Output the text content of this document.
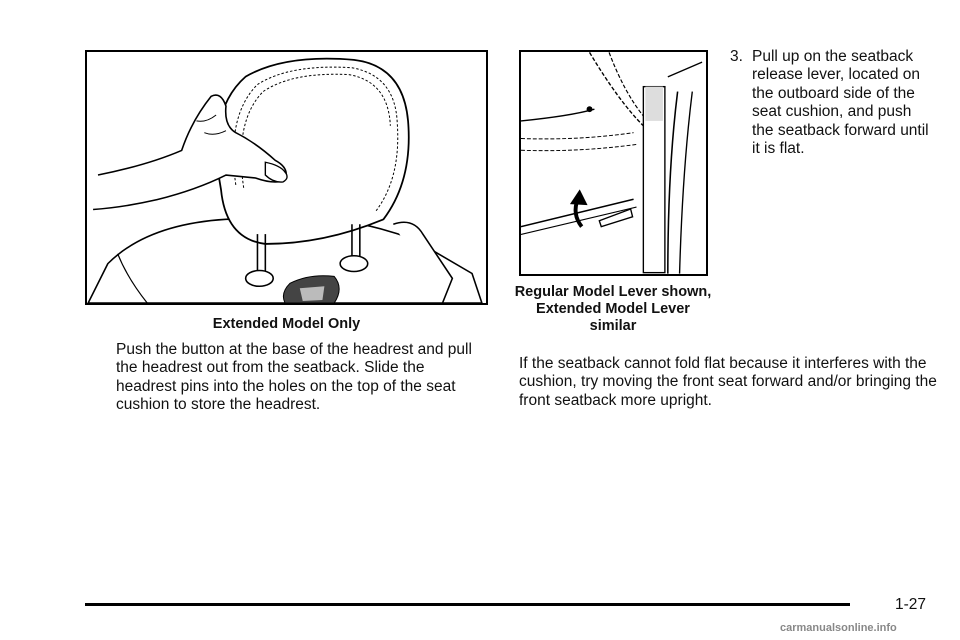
Extended Model Only

Regular Model Lever shown, Extended Model Lever similar

3. Pull up on the seatback release lever, located on the outboard side of the seat cushion, and push the seatback forward until it is flat.

Push the button at the base of the headrest and pull the headrest out from the seatback. Slide the headrest pins into the holes on the top of the seat cushion to store the headrest.

If the seatback cannot fold flat because it interferes with the cushion, try moving the front seat forward and/or bringing the front seatback more upright.

1-27
carmanualsonline.info
